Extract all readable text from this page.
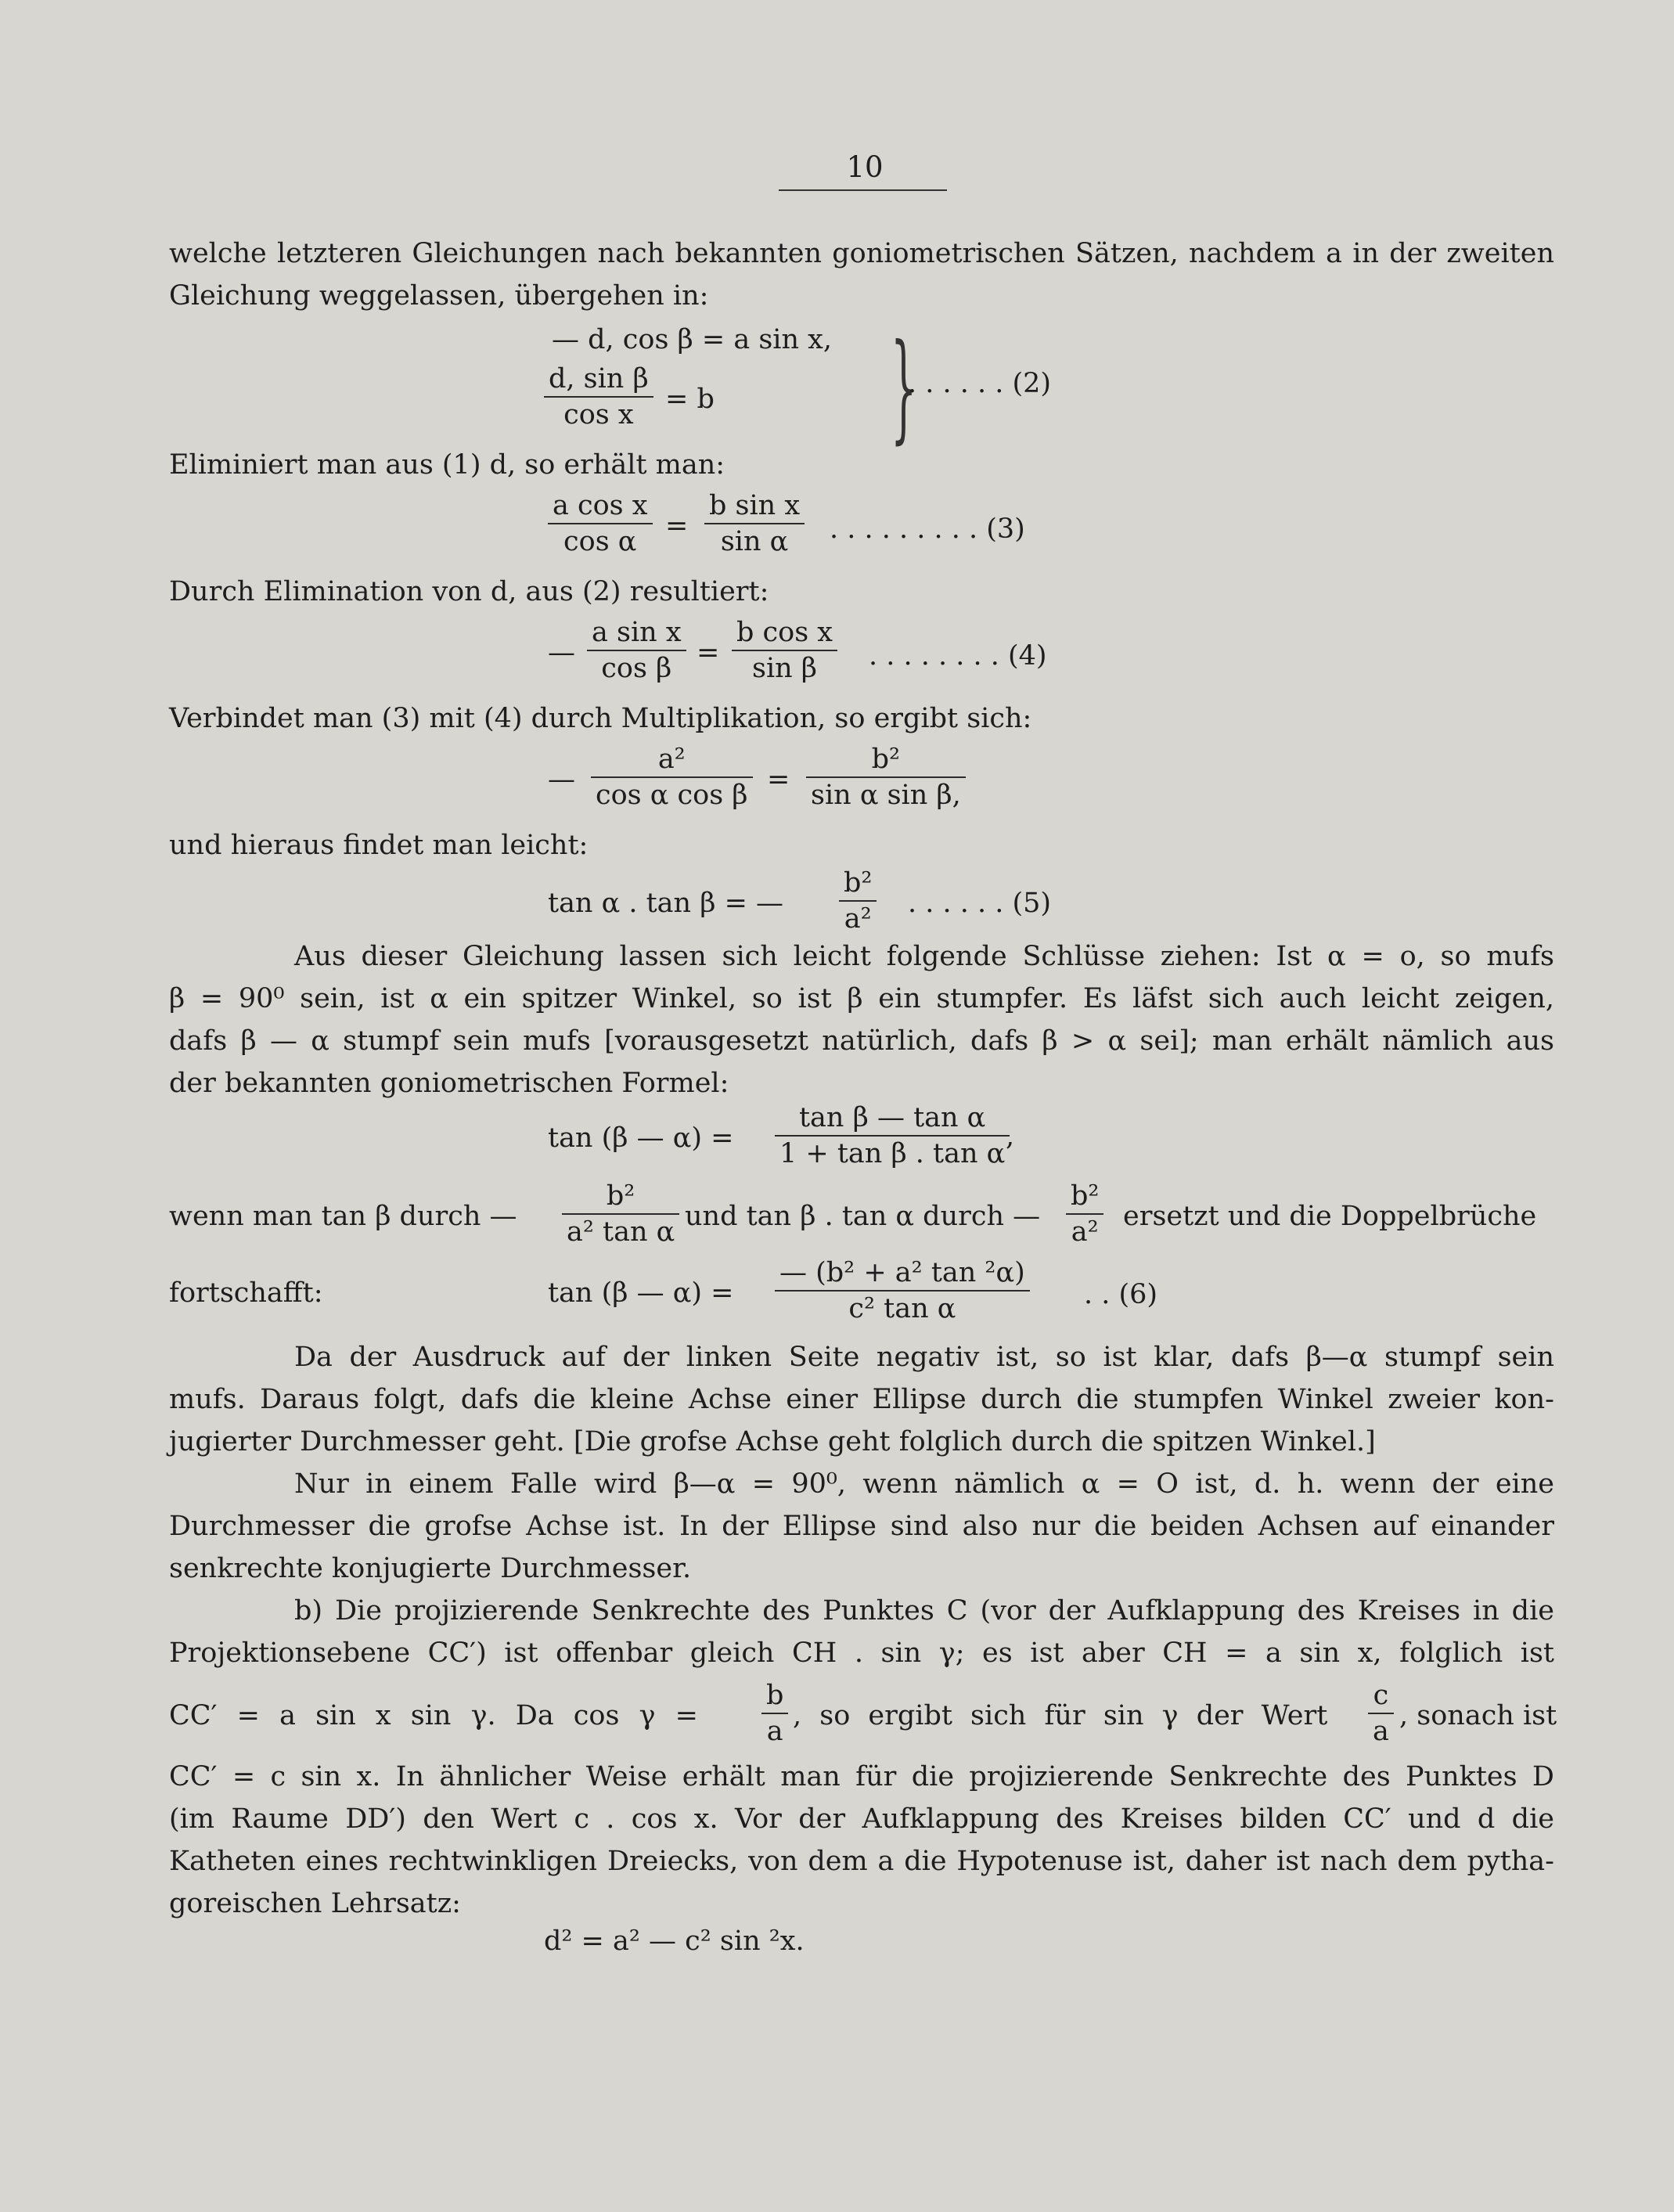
10
welche letzteren Gleichungen nach bekannten goniometrischen Sätzen, nachdem a in der zweiten
Gleichung weggelassen, übergehen in:
— d, cos β = a sin x,
d, sin β
cos x = b }
. . . . . . (2)
Eliminiert man aus (1) d, so erhält man:
a cos x
cos α =
b sin x
sin α . . . . . . . . . (3)
Durch Elimination von d, aus (2) resultiert:
—
a sin x
cos β =
b cos x
sin β . . . . . . . . (4)
Verbindet man (3) mit (4) durch Multiplikation, so ergibt sich:
—
a²
cos α cos β =
b²
sin α sin β,
und hieraus findet man leicht:
tan α . tan β = —
b²
a² . . . . . . (5)
Aus dieser Gleichung lassen sich leicht folgende Schlüsse ziehen: Ist α = o, so mufs
β = 90⁰ sein, ist α ein spitzer Winkel, so ist β ein stumpfer. Es läfst sich auch leicht zeigen,
dafs β — α stumpf sein mufs [vorausgesetzt natürlich, dafs β > α sei]; man erhält nämlich aus
der bekannten goniometrischen Formel:
tan (β — α) =
tan β — tan α
1 + tan β . tan α
,
wenn man tan β durch —
b²
a² tan α und tan β . tan α durch —
b²
a² ersetzt und die Doppelbrüche
fortschafft:	tan (β — α) =
— (b² + a² tan ²α)
c² tan α	. . (6)
Da der Ausdruck auf der linken Seite negativ ist, so ist klar, dafs β—α stumpf sein
mufs. Daraus folgt, dafs die kleine Achse einer Ellipse durch die stumpfen Winkel zweier kon-
jugierter Durchmesser geht. [Die grofse Achse geht folglich durch die spitzen Winkel.]
Nur in einem Falle wird β—α = 90⁰, wenn nämlich α = O ist, d. h. wenn der eine
Durchmesser die grofse Achse ist. In der Ellipse sind also nur die beiden Achsen auf einander
senkrechte konjugierte Durchmesser.
b) Die projizierende Senkrechte des Punktes C (vor der Aufklappung des Kreises in die
Projektionsebene CC′) ist offenbar gleich CH . sin γ; es ist aber CH = a sin x, folglich ist
CC′ = a sin x sin γ. Da cos γ =
b
a , so ergibt sich für sin γ der Wert
c
a , sonach ist
CC′ = c sin x. In ähnlicher Weise erhält man für die projizierende Senkrechte des Punktes D
(im Raume DD′) den Wert c . cos x. Vor der Aufklappung des Kreises bilden CC′ und d die
Katheten eines rechtwinkligen Dreiecks, von dem a die Hypotenuse ist, daher ist nach dem pytha-
goreischen Lehrsatz:
d² = a² — c² sin ²x.
